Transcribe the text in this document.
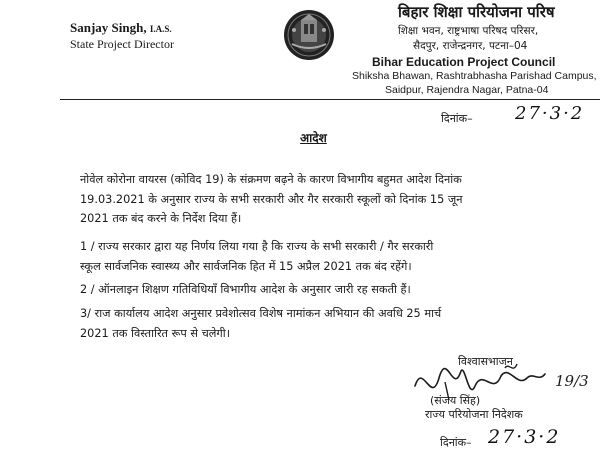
Sanjay Singh, I.A.S.
State Project Director
बिहार शिक्षा परियोजना परिष
शिक्षा भवन, राष्ट्रभाषा परिषद परिसर,
सैदपुर, राजेन्द्रनगर, पटना–04
Bihar Education Project Council
Shiksha Bhawan, Rashtrabhasha Parishad Campus,
Saidpur, Rajendra Nagar, Patna-04
दिनांक– 27·3·2
आदेश
नोवेल कोरोना वायरस (कोविद 19) के संक्रमण बढ़ने के कारण विभागीय बहुमत आदेश दिनांक
19.03.2021 के अनुसार राज्य के सभी सरकारी और गैर सरकारी स्कूलों को दिनांक 15 जून
2021 तक बंद करने के निर्देश दिया हैं।
1 / राज्य सरकार द्वारा यह निर्णय लिया गया है कि राज्य के सभी सरकारी / गैर सरकारी
स्कूल सार्वजनिक स्वास्थ्य और सार्वजनिक हित में 15 अप्रैल 2021 तक बंद रहेंगे।
2 / ऑनलाइन शिक्षण गतिविधियाँ विभागीय आदेश के अनुसार जारी रह सकती हैं।
3/ राज कार्यालय आदेश अनुसार प्रवेशोत्सव विशेष नामांकन अभियान की अवधि 25 मार्च
2021 तक विस्तारित रूप से चलेगी।
विश्वासभाजन
19/3
(संजय सिंह)
राज्य परियोजना निदेशक
दिनांक– 27·3·2
